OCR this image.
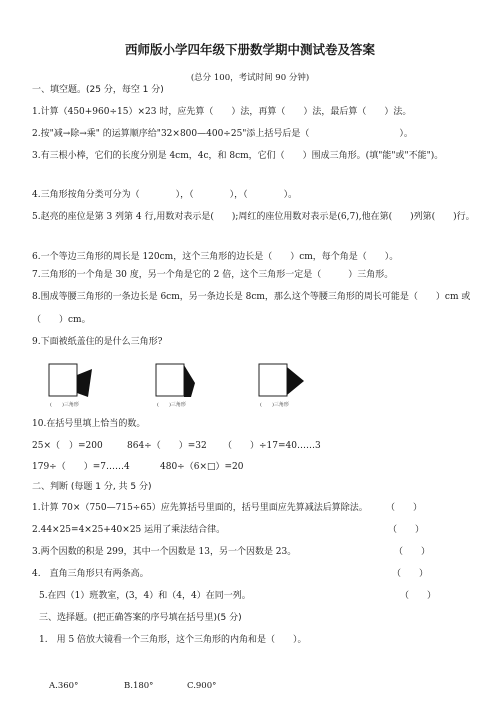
西师版小学四年级下册数学期中测试卷及答案
(总分 100，考试时间 90 分钟)
一、填空题。(25 分，每空 1 分)
1.计算（450+960÷15）×23 时，应先算（　　）法，再算（　　）法，最后算（　　）法。
2.按"减→除→乘" 的运算顺序给"32×800—400÷25"添上括号后是（　　　　　　　　　　）。
3.有三根小棒，它们的长度分别是 4cm，4c，和 8cm，它们（　　）围成三角形。(填"能"或"不能")。
4.三角形按角分类可分为（　　　　），（　　　　），（　　　　）。
5.赵亮的座位是第 3 列第 4 行,用数对表示是(　　);周红的座位用数对表示是(6,7),他在第(　　)列第(　　)行。
6.一个等边三角形的周长是 120cm，这个三角形的边长是（　　）cm，每个角是（　　）。
7.三角形的一个角是 30 度，另一个角是它的 2 倍，这个三角形一定是（　　　）三角形。
8.围成等腰三角形的一条边长是 6cm，另一条边长是 8cm，那么这个等腰三角形的周长可能是（　　）cm 或（　　）cm。
9.下面被纸盖住的是什么三角形?
(　　)三角形	(　　)三角形	(　　)三角形
10.在括号里填上恰当的数。
25×（　）=200	864÷（　　）=32 （　　）÷17=40……3
179÷（　　）=7……4	480÷（6×□）=20
二、判断 (每题 1 分, 共 5 分)
1.计算 70×（750—715÷65）应先算括号里面的，括号里面应先算减法后算除法。 （　　）
2.44×25=4×25+40×25 运用了乘法结合律。	（　　）
3.两个因数的积是 299，其中一个因数是 13，另一个因数是 23。	（　　）
4.　直角三角形只有两条高。	（　　）
5.在四（1）班教室，(3，4）和（4，4）在同一列。	（　　）
三、选择题。(把正确答案的序号填在括号里)(5 分)
1.　用 5 倍放大镜看一个三角形，这个三角形的内角和是（　　）。
A.360°	B.180°	C.900°
